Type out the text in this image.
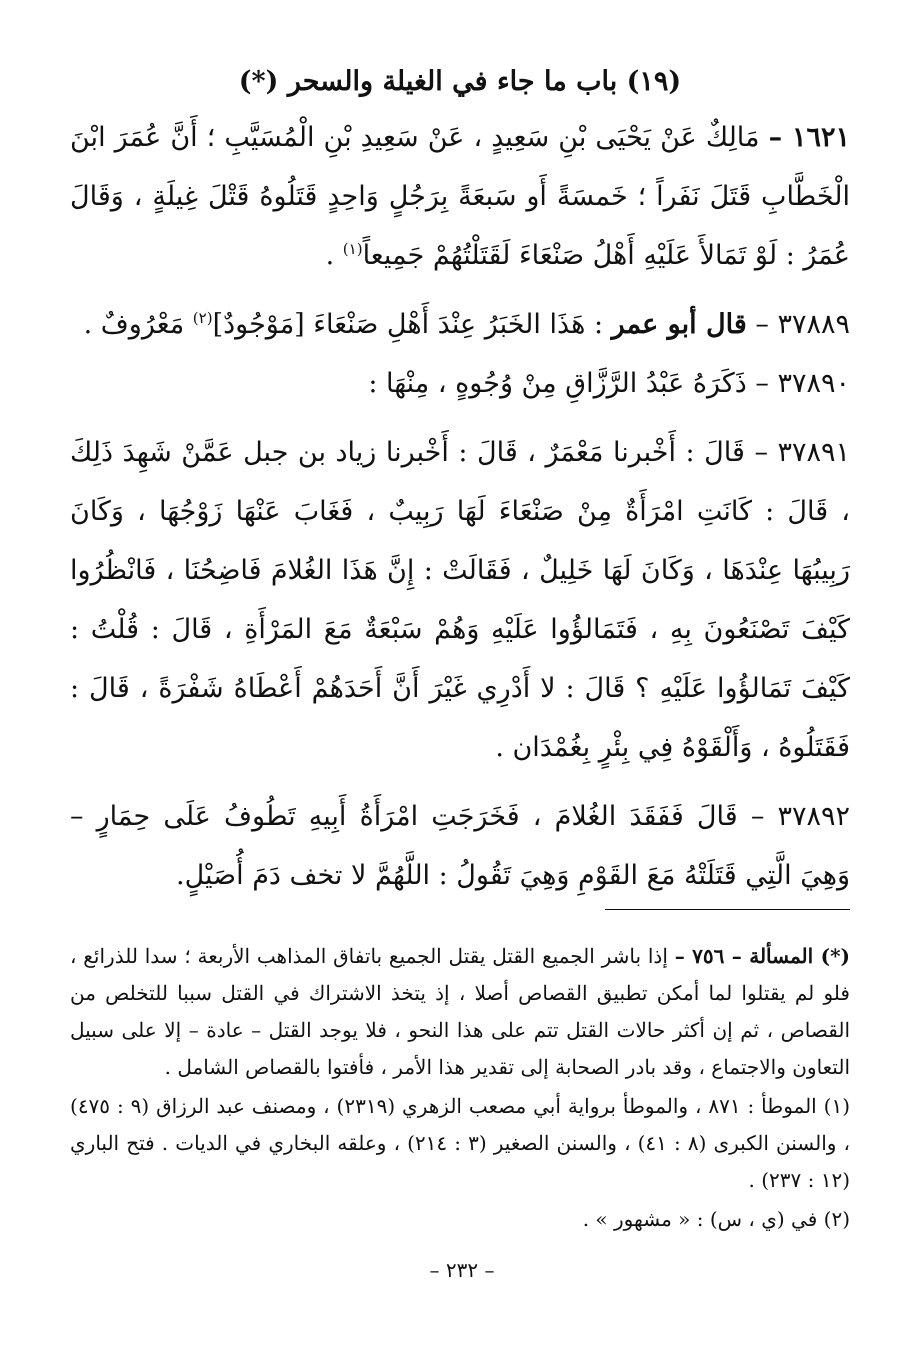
(١٩) باب ما جاء في الغيلة والسحر (*)

١٦٢١ – مَالِكٌ عَنْ يَحْيَى بْنِ سَعِيدٍ ، عَنْ سَعِيدِ بْنِ الْمُسَيَّبِ ؛ أَنَّ عُمَرَ ابْنَ الْخَطَّابِ قَتَلَ نَفَراً ؛ خَمسَةً أَو سَبعَةً بِرَجُلٍ وَاحِدٍ قَتَلُوهُ قَتْلَ غِيلَةٍ ، وَقَالَ عُمَرُ : لَوْ تَمَالأَ عَلَيْهِ أَهْلُ صَنْعَاءَ لَقَتَلْتُهُمْ جَمِيعاً$^{(١)}$ .

٣٧٨٨٩ – قال أبو عمر : هَذَا الخَبَرُ عِنْدَ أَهْلِ صَنْعَاءَ [مَوْجُودٌ]$^{(٢)}$ مَعْرُوفٌ .

٣٧٨٩٠ – ذَكَرَهُ عَبْدُ الرَّزَّاقِ مِنْ وُجُوهٍ ، مِنْهَا :

٣٧٨٩١ – قَالَ : أَخْبرنا مَعْمَرٌ ، قَالَ : أَخْبرنا زياد بن جبل عَمَّنْ شَهِدَ ذَلِكَ ، قَالَ : كَانَتِ امْرَأَةٌ مِنْ صَنْعَاءَ لَهَا رَبِيبٌ ، فَغَابَ عَنْهَا زَوْجُهَا ، وَكَانَ رَبِيبُهَا عِنْدَهَا ، وَكَانَ لَهَا خَلِيلٌ ، فَقَالَتْ : إِنَّ هَذَا الغُلامَ فَاضِحُنَا ، فَانْظُرُوا كَيْفَ تَصْنَعُونَ بِهِ ، فَتَمَالؤُوا عَلَيْهِ وَهُمْ سَبْعَةٌ مَعَ المَرْأَةِ ، قَالَ : قُلْتُ : كَيْفَ تَمَالؤُوا عَلَيْهِ ؟ قَالَ : لا أَدْرِي غَيْرَ أَنَّ أَحَدَهُمْ أَعْطَاهُ شَفْرَةً ، قَالَ : فَقَتَلُوهُ ، وَأَلْقَوْهُ فِي بِئْرٍ بِغُمْدَان .

٣٧٨٩٢ – قَالَ فَفَقَدَ الغُلامَ ، فَخَرَجَتِ امْرَأَةُ أَبِيهِ تَطُوفُ عَلَى حِمَارٍ – وَهِيَ الَّتِي قَتَلَتْهُ مَعَ القَوْمِ وَهِيَ تَقُولُ : اللَّهُمَّ لا تخف دَمَ أُصَيْلٍ.

(*) المسألة – ٧٥٦ – إذا باشر الجميع القتل يقتل الجميع باتفاق المذاهب الأربعة ؛ سدا للذرائع ، فلو لم يقتلوا لما أمكن تطبيق القصاص أصلا ، إذ يتخذ الاشتراك في القتل سببا للتخلص من القصاص ، ثم إن أكثر حالات القتل تتم على هذا النحو ، فلا يوجد القتل – عادة – إلا على سبيل التعاون والاجتماع ، وقد بادر الصحابة إلى تقدير هذا الأمر ، فأفتوا بالقصاص الشامل .

(١) الموطأ : ٨٧١ ، والموطأ برواية أبي مصعب الزهري (٢٣١٩) ، ومصنف عبد الرزاق (٩ : ٤٧٥) ، والسنن الكبرى (٨ : ٤١) ، والسنن الصغير (٣ : ٢١٤) ، وعلقه البخاري في الديات . فتح الباري (١٢ : ٢٣٧) .

(٢) في (ي ، س) : « مشهور » .

– ٢٣٢ –
